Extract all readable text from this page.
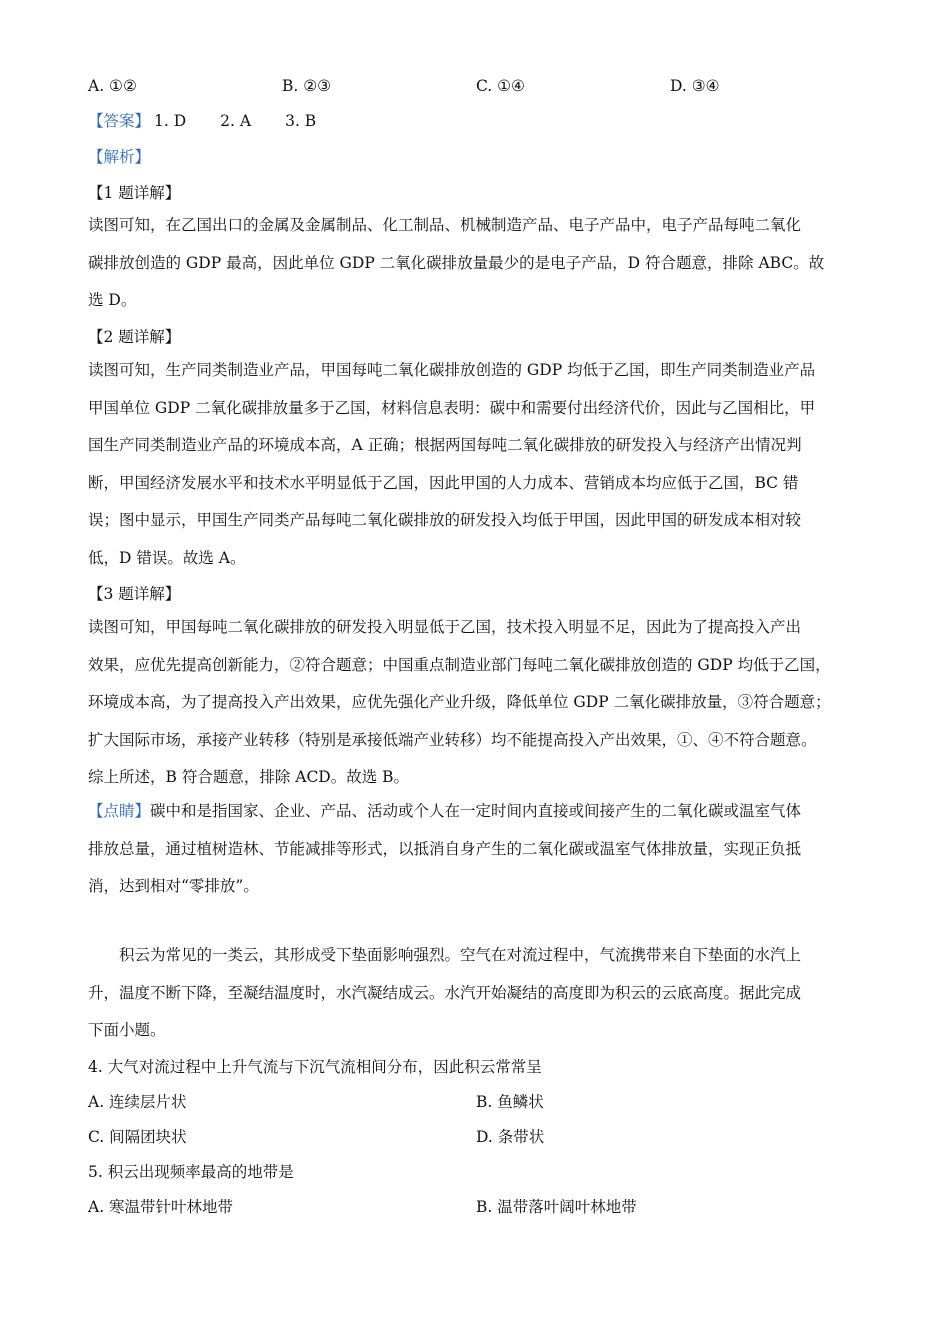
A. ①②	B. ②③	C. ①④	D. ③④
【答案】 1. D 2. A 3. B
【解析】
【1 题详解】
读图可知，在乙国出口的金属及金属制品、化工制品、机械制造产品、电子产品中，电子产品每吨二氧化
碳排放创造的 GDP 最高，因此单位 GDP 二氧化碳排放量最少的是电子产品，D 符合题意，排除 ABC。故
选 D。
【2 题详解】
读图可知，生产同类制造业产品，甲国每吨二氧化碳排放创造的 GDP 均低于乙国，即生产同类制造业产品
甲国单位 GDP 二氧化碳排放量多于乙国，材料信息表明：碳中和需要付出经济代价，因此与乙国相比，甲
国生产同类制造业产品的环境成本高，A 正确；根据两国每吨二氧化碳排放的研发投入与经济产出情况判
断，甲国经济发展水平和技术水平明显低于乙国，因此甲国的人力成本、营销成本均应低于乙国，BC 错
误；图中显示，甲国生产同类产品每吨二氧化碳排放的研发投入均低于甲国，因此甲国的研发成本相对较
低，D 错误。故选 A。
【3 题详解】
读图可知，甲国每吨二氧化碳排放的研发投入明显低于乙国，技术投入明显不足，因此为了提高投入产出
效果，应优先提高创新能力，②符合题意；中国重点制造业部门每吨二氧化碳排放创造的 GDP 均低于乙国，
环境成本高，为了提高投入产出效果，应优先强化产业升级，降低单位 GDP 二氧化碳排放量，③符合题意；
扩大国际市场，承接产业转移（特别是承接低端产业转移）均不能提高投入产出效果，①、④不符合题意。
综上所述，B 符合题意，排除 ACD。故选 B。
【点睛】碳中和是指国家、企业、产品、活动或个人在一定时间内直接或间接产生的二氧化碳或温室气体
排放总量，通过植树造林、节能减排等形式，以抵消自身产生的二氧化碳或温室气体排放量，实现正负抵
消，达到相对“零排放”。
积云为常见的一类云，其形成受下垫面影响强烈。空气在对流过程中，气流携带来自下垫面的水汽上
升，温度不断下降，至凝结温度时，水汽凝结成云。水汽开始凝结的高度即为积云的云底高度。据此完成
下面小题。
4. 大气对流过程中上升气流与下沉气流相间分布，因此积云常常呈
A. 连续层片状	B. 鱼鳞状
C. 间隔团块状	D. 条带状
5. 积云出现频率最高的地带是
A. 寒温带针叶林地带	B. 温带落叶阔叶林地带
